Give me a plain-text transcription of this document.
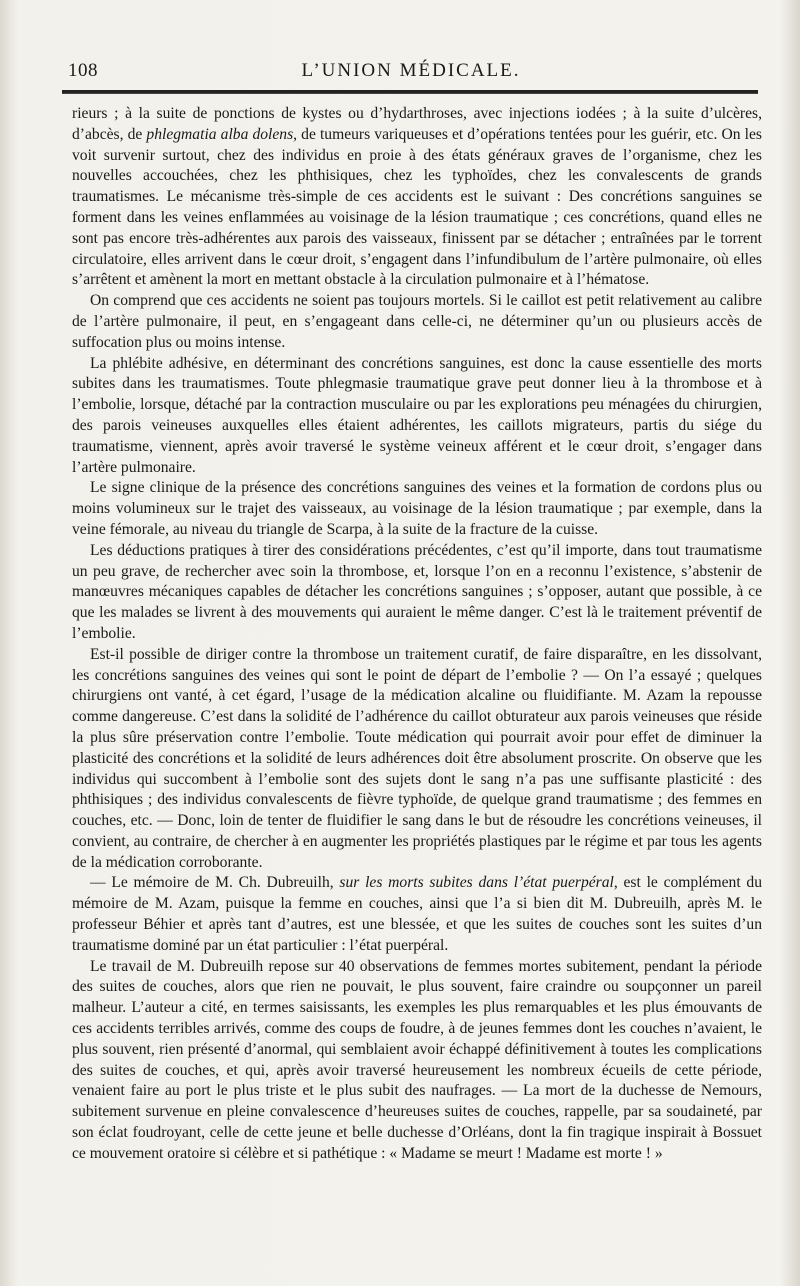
108	L’UNION MÉDICALE.

rieurs ; à la suite de ponctions de kystes ou d’hydarthroses, avec injections iodées ; à la suite d’ulcères, d’abcès, de phlegmatia alba dolens, de tumeurs variqueuses et d’opérations tentées pour les guérir, etc. On les voit survenir surtout, chez des individus en proie à des états généraux graves de l’organisme, chez les nouvelles accouchées, chez les phthisiques, chez les typhoïdes, chez les convalescents de grands traumatismes. Le mécanisme très-simple de ces accidents est le suivant : Des concrétions sanguines se forment dans les veines enflammées au voisinage de la lésion traumatique ; ces concrétions, quand elles ne sont pas encore très-adhérentes aux parois des vaisseaux, finissent par se détacher ; entraînées par le torrent circulatoire, elles arrivent dans le cœur droit, s’engagent dans l’infundibulum de l’artère pulmonaire, où elles s’arrêtent et amènent la mort en mettant obstacle à la circulation pulmonaire et à l’hématose.

On comprend que ces accidents ne soient pas toujours mortels. Si le caillot est petit relativement au calibre de l’artère pulmonaire, il peut, en s’engageant dans celle-ci, ne déterminer qu’un ou plusieurs accès de suffocation plus ou moins intense.

La phlébite adhésive, en déterminant des concrétions sanguines, est donc la cause essentielle des morts subites dans les traumatismes. Toute phlegmasie traumatique grave peut donner lieu à la thrombose et à l’embolie, lorsque, détaché par la contraction musculaire ou par les explorations peu ménagées du chirurgien, des parois veineuses auxquelles elles étaient adhérentes, les caillots migrateurs, partis du siége du traumatisme, viennent, après avoir traversé le système veineux afférent et le cœur droit, s’engager dans l’artère pulmonaire.

Le signe clinique de la présence des concrétions sanguines des veines et la formation de cordons plus ou moins volumineux sur le trajet des vaisseaux, au voisinage de la lésion traumatique ; par exemple, dans la veine fémorale, au niveau du triangle de Scarpa, à la suite de la fracture de la cuisse.

Les déductions pratiques à tirer des considérations précédentes, c’est qu’il importe, dans tout traumatisme un peu grave, de rechercher avec soin la thrombose, et, lorsque l’on en a reconnu l’existence, s’abstenir de manœuvres mécaniques capables de détacher les concrétions sanguines ; s’opposer, autant que possible, à ce que les malades se livrent à des mouvements qui auraient le même danger. C’est là le traitement préventif de l’embolie.

Est-il possible de diriger contre la thrombose un traitement curatif, de faire disparaître, en les dissolvant, les concrétions sanguines des veines qui sont le point de départ de l’embolie ? — On l’a essayé ; quelques chirurgiens ont vanté, à cet égard, l’usage de la médication alcaline ou fluidifiante. M. Azam la repousse comme dangereuse. C’est dans la solidité de l’adhérence du caillot obturateur aux parois veineuses que réside la plus sûre préservation contre l’embolie. Toute médication qui pourrait avoir pour effet de diminuer la plasticité des concrétions et la solidité de leurs adhérences doit être absolument proscrite. On observe que les individus qui succombent à l’embolie sont des sujets dont le sang n’a pas une suffisante plasticité : des phthisiques ; des individus convalescents de fièvre typhoïde, de quelque grand traumatisme ; des femmes en couches, etc. — Donc, loin de tenter de fluidifier le sang dans le but de résoudre les concrétions veineuses, il convient, au contraire, de chercher à en augmenter les propriétés plastiques par le régime et par tous les agents de la médication corroborante.

— Le mémoire de M. Ch. Dubreuilh, sur les morts subites dans l’état puerpéral, est le complément du mémoire de M. Azam, puisque la femme en couches, ainsi que l’a si bien dit M. Dubreuilh, après M. le professeur Béhier et après tant d’autres, est une blessée, et que les suites de couches sont les suites d’un traumatisme dominé par un état particulier : l’état puerpéral.

Le travail de M. Dubreuilh repose sur 40 observations de femmes mortes subitement, pendant la période des suites de couches, alors que rien ne pouvait, le plus souvent, faire craindre ou soupçonner un pareil malheur. L’auteur a cité, en termes saisissants, les exemples les plus remarquables et les plus émouvants de ces accidents terribles arrivés, comme des coups de foudre, à de jeunes femmes dont les couches n’avaient, le plus souvent, rien présenté d’anormal, qui semblaient avoir échappé définitivement à toutes les complications des suites de couches, et qui, après avoir traversé heureusement les nombreux écueils de cette période, venaient faire au port le plus triste et le plus subit des naufrages. — La mort de la duchesse de Nemours, subitement survenue en pleine convalescence d’heureuses suites de couches, rappelle, par sa soudaineté, par son éclat foudroyant, celle de cette jeune et belle duchesse d’Orléans, dont la fin tragique inspirait à Bossuet ce mouvement oratoire si célèbre et si pathétique : « Madame se meurt ! Madame est morte ! »
